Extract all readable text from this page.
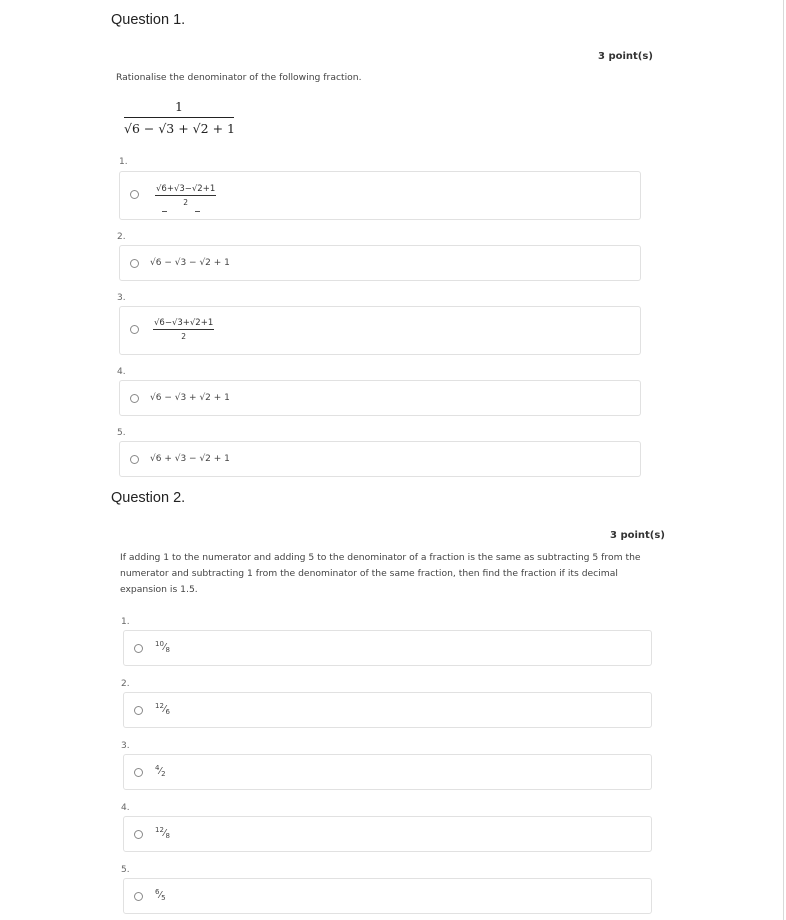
Question 1.
3 point(s)
Rationalise the denominator of the following fraction.
$\frac{1}{√6 - √3 + √2 + 1}$
1.
$\frac{√6+√3-√2+1}{2}$
2.
√6 − √3 − √2 + 1
3.
$\frac{√6-√3+√2+1}{2}$
4.
√6 − √3 + √2 + 1
5.
√6 + √3 − √2 + 1
Question 2.
3 point(s)
If adding 1 to the numerator and adding 5 to the denominator of a fraction is the same as subtracting 5 from the numerator and subtracting 1 from the denominator of the same fraction, then find the fraction if its decimal expansion is 1.5.
1.
$^{10}⁄_8$
2.
$^{12}⁄_6$
3.
$^4⁄_2$
4.
$^{12}⁄_8$
5.
$^6⁄_5$
